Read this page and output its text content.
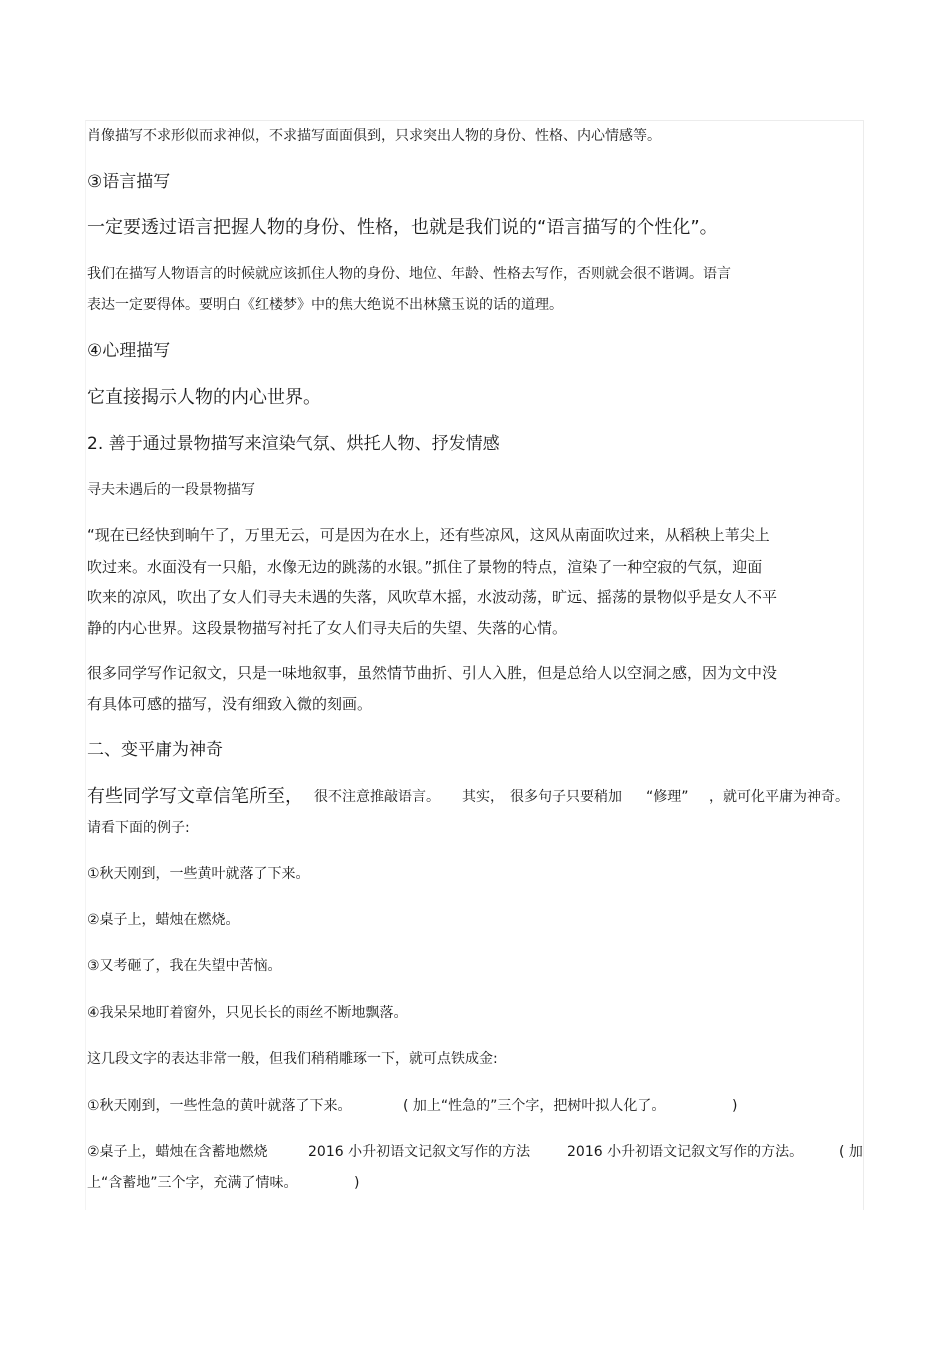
肖像描写不求形似而求神似，不求描写面面俱到，只求突出人物的身份、性格、内心情感等。
③语言描写
一定要透过语言把握人物的身份、性格，也就是我们说的“语言描写的个性化”。
我们在描写人物语言的时候就应该抓住人物的身份、地位、年龄、性格去写作，否则就会很不谐调。语言
表达一定要得体。要明白《红楼梦》中的焦大绝说不出林黛玉说的话的道理。
④心理描写
它直接揭示人物的内心世界。
2. 善于通过景物描写来渲染气氛、烘托人物、抒发情感
寻夫未遇后的一段景物描写
“现在已经快到晌午了，万里无云，可是因为在水上，还有些凉风，这风从南面吹过来，从稻秧上苇尖上
吹过来。水面没有一只船，水像无边的跳荡的水银。”抓住了景物的特点，渲染了一种空寂的气氛，迎面
吹来的凉风，吹出了女人们寻夫未遇的失落，风吹草木摇，水波动荡，旷远、摇荡的景物似乎是女人不平
静的内心世界。这段景物描写衬托了女人们寻夫后的失望、失落的心情。
很多同学写作记叙文，只是一味地叙事，虽然情节曲折、引人入胜，但是总给人以空洞之感，因为文中没
有具体可感的描写，没有细致入微的刻画。
二、变平庸为神奇
有些同学写文章信笔所至， 很不注意推敲语言。 其实， 很多句子只要稍加 “修理” ，就可化平庸为神奇。
请看下面的例子:
①秋天刚到，一些黄叶就落了下来。
②桌子上，蜡烛在燃烧。
③又考砸了，我在失望中苦恼。
④我呆呆地盯着窗外，只见长长的雨丝不断地飘落。
这几段文字的表达非常一般，但我们稍稍雕琢一下，就可点铁成金:
①秋天刚到，一些性急的黄叶就落了下来。	( 加上“性急的”三个字，把树叶拟人化了。	)
②桌子上，蜡烛在含蓄地燃烧	2016 小升初语文记叙文写作的方法	2016 小升初语文记叙文写作的方法。	( 加
上“含蓄地”三个字，充满了情味。	)
